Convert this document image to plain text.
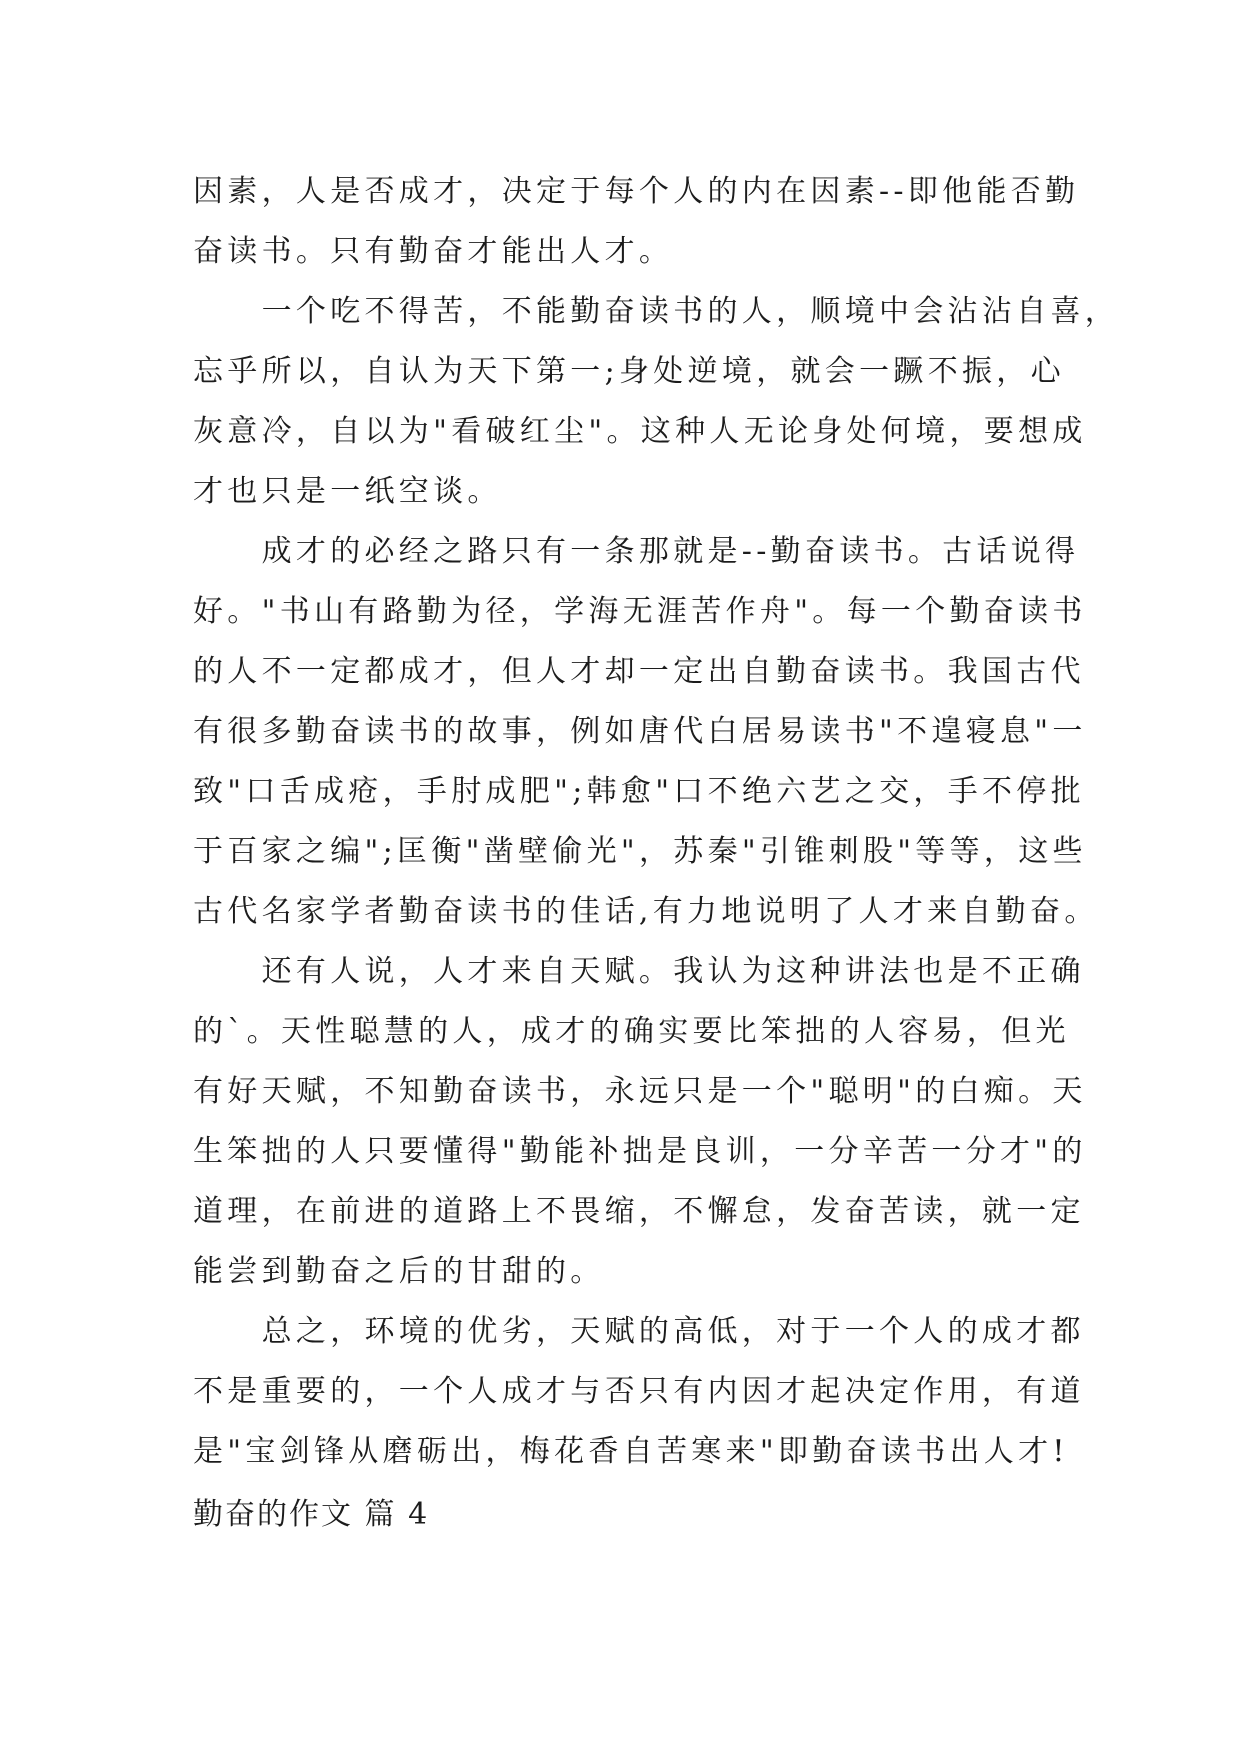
因素，人是否成才，决定于每个人的内在因素--即他能否勤
奋读书。只有勤奋才能出人才。
　　一个吃不得苦，不能勤奋读书的人，顺境中会沾沾自喜，
忘乎所以，自认为天下第一;身处逆境，就会一蹶不振，心
灰意冷，自以为"看破红尘"。这种人无论身处何境，要想成
才也只是一纸空谈。
　　成才的必经之路只有一条那就是--勤奋读书。古话说得
好。"书山有路勤为径，学海无涯苦作舟"。每一个勤奋读书
的人不一定都成才，但人才却一定出自勤奋读书。我国古代
有很多勤奋读书的故事，例如唐代白居易读书"不遑寝息"一
致"口舌成疮，手肘成肥";韩愈"口不绝六艺之交，手不停批
于百家之编";匡衡"凿壁偷光"，苏秦"引锥刺股"等等，这些
古代名家学者勤奋读书的佳话,有力地说明了人才来自勤奋。
　　还有人说，人才来自天赋。我认为这种讲法也是不正确
的`。天性聪慧的人，成才的确实要比笨拙的人容易，但光
有好天赋，不知勤奋读书，永远只是一个"聪明"的白痴。天
生笨拙的人只要懂得"勤能补拙是良训，一分辛苦一分才"的
道理，在前进的道路上不畏缩，不懈怠，发奋苦读，就一定
能尝到勤奋之后的甘甜的。
　　总之，环境的优劣，天赋的高低，对于一个人的成才都
不是重要的，一个人成才与否只有内因才起决定作用，有道
是"宝剑锋从磨砺出，梅花香自苦寒来"即勤奋读书出人才!
勤奋的作文 篇 4
